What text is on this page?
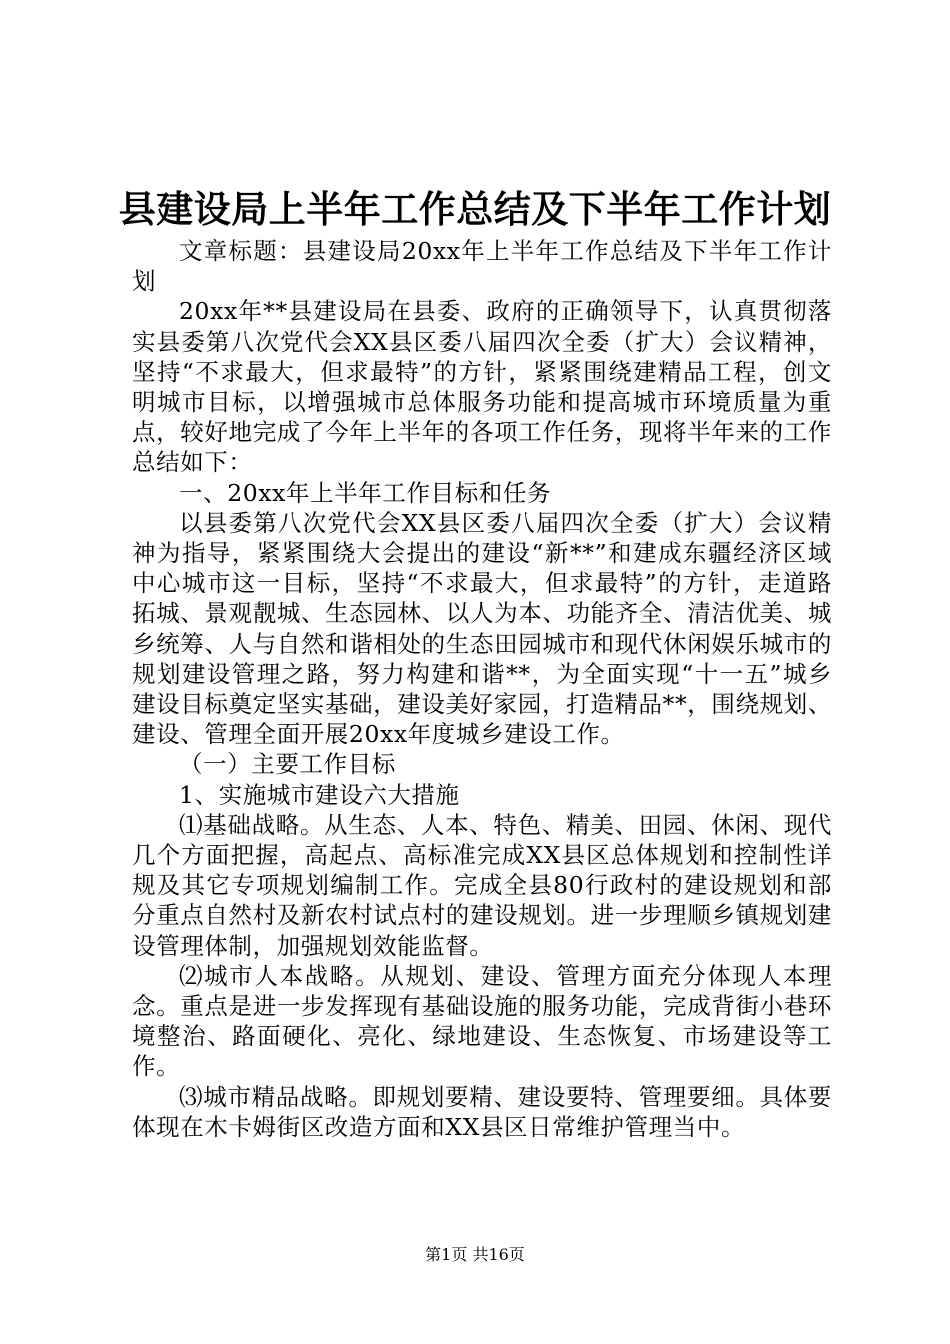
县建设局上半年工作总结及下半年工作计划

文章标题：县建设局20xx年上半年工作总结及下半年工作计划

20xx年**县建设局在县委、政府的正确领导下，认真贯彻落实县委第八次党代会XX县区委八届四次全委（扩大）会议精神，坚持“不求最大，但求最特”的方针，紧紧围绕建精品工程，创文明城市目标，以增强城市总体服务功能和提高城市环境质量为重点，较好地完成了今年上半年的各项工作任务，现将半年来的工作总结如下：

一、20xx年上半年工作目标和任务

以县委第八次党代会XX县区委八届四次全委（扩大）会议精神为指导，紧紧围绕大会提出的建设“新**”和建成东疆经济区域中心城市这一目标，坚持“不求最大，但求最特”的方针，走道路拓城、景观靓城、生态园林、以人为本、功能齐全、清洁优美、城乡统筹、人与自然和谐相处的生态田园城市和现代休闲娱乐城市的规划建设管理之路，努力构建和谐**，为全面实现“十一五”城乡建设目标奠定坚实基础，建设美好家园，打造精品**，围绕规划、建设、管理全面开展20xx年度城乡建设工作。

（一）主要工作目标

1、实施城市建设六大措施

⑴基础战略。从生态、人本、特色、精美、田园、休闲、现代几个方面把握，高起点、高标准完成XX县区总体规划和控制性详规及其它专项规划编制工作。完成全县80行政村的建设规划和部分重点自然村及新农村试点村的建设规划。进一步理顺乡镇规划建设管理体制，加强规划效能监督。

⑵城市人本战略。从规划、建设、管理方面充分体现人本理念。重点是进一步发挥现有基础设施的服务功能，完成背街小巷环境整治、路面硬化、亮化、绿地建设、生态恢复、市场建设等工作。

⑶城市精品战略。即规划要精、建设要特、管理要细。具体要体现在木卡姆街区改造方面和XX县区日常维护管理当中。

第1页 共16页
